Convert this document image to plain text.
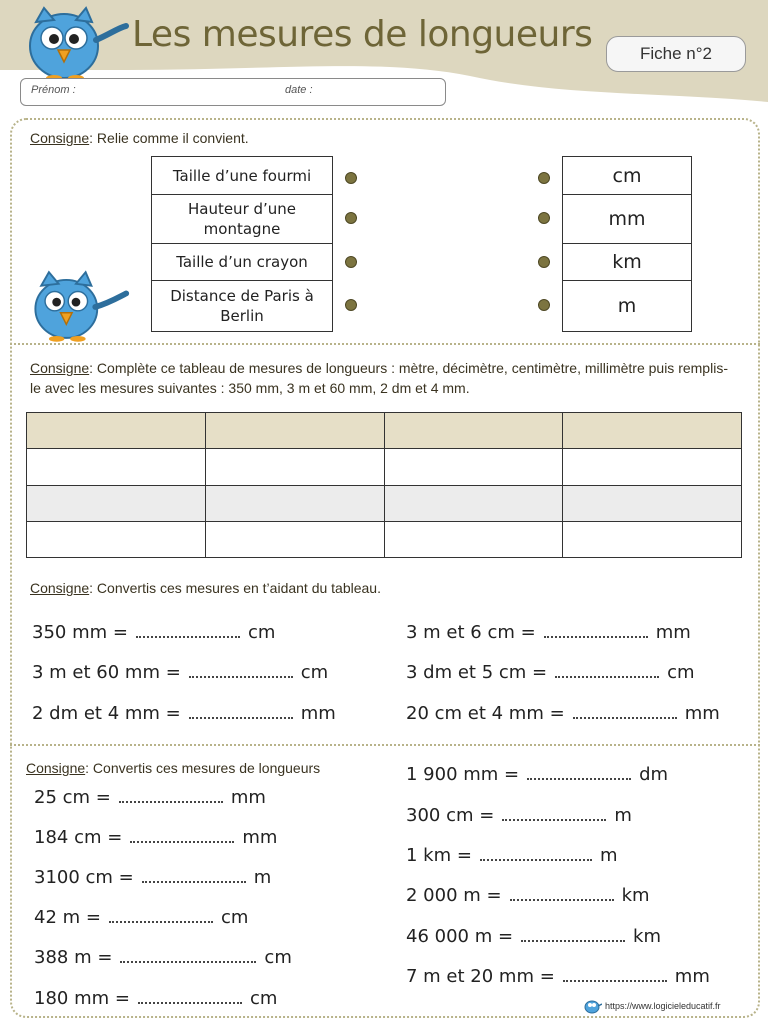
Les mesures de longueurs	Fiche n°2
Prénom :	date :
Consigne: Relie comme il convient.
Taille d’une fourmi
Hauteur d’une montagne
Taille d’un crayon
Distance de Paris à Berlin
cm
mm
km
m
Consigne: Complète ce tableau de mesures de longueurs : mètre, décimètre, centimètre, millimètre puis remplis-le avec les mesures suivantes : 350 mm, 3 m et 60 mm, 2 dm et 4 mm.

Consigne: Convertis ces mesures en t’aidant du tableau.
350 mm =	cm
3 m et 60 mm =	cm
2 dm et 4 mm =	mm
3 m et 6 cm =	mm
3 dm et 5 cm =	cm
20 cm et 4 mm =	mm
Consigne: Convertis ces mesures de longueurs
25 cm =	mm
184 cm =	mm
3100 cm =	m
42 m =	cm
388 m =	cm
180 mm =	cm
1 900 mm =	dm
300 cm =	m
1 km =	m
2 000 m =	km
46 000 m =	km
7 m et 20 mm =	mm
https://www.logicieleducatif.fr
